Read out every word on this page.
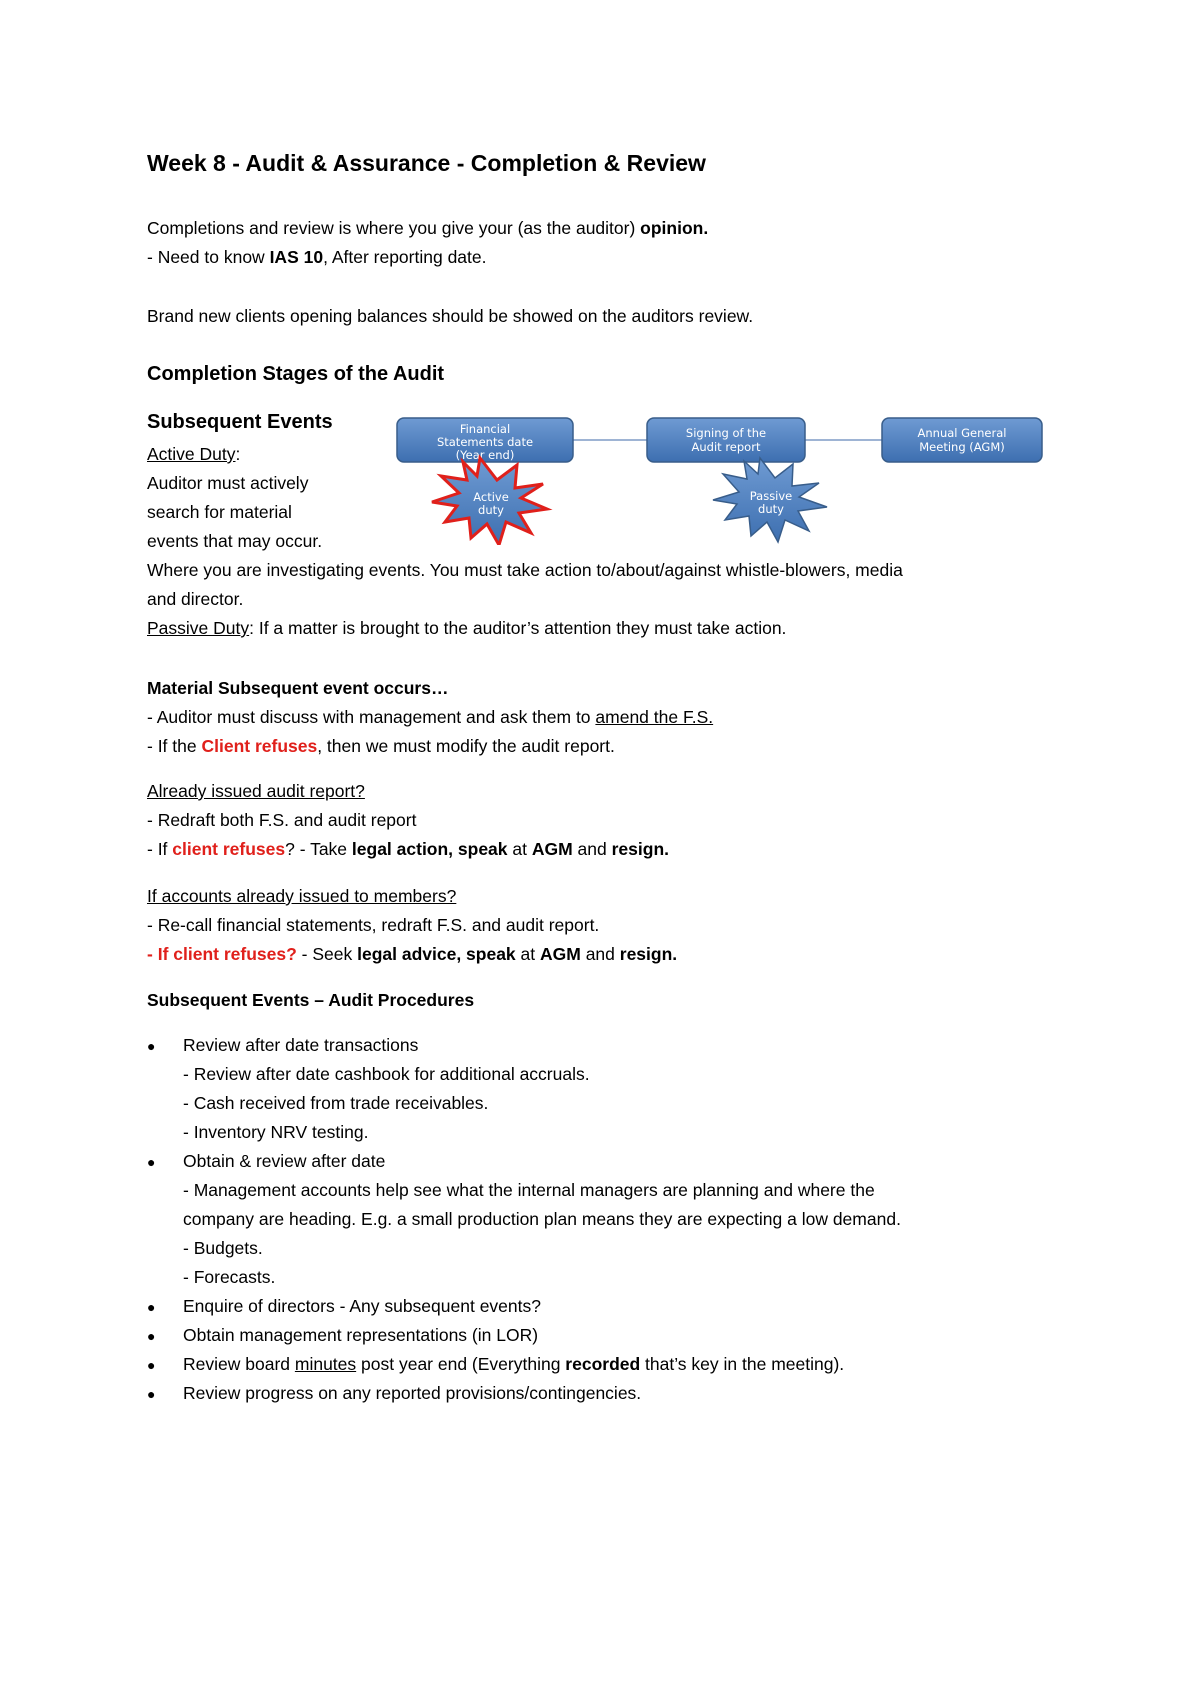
Week 8 - Audit & Assurance - Completion & Review
Completions and review is where you give your (as the auditor) opinion.
- Need to know IAS 10, After reporting date.
Brand new clients opening balances should be showed on the auditors review.
Completion Stages of the Audit
Subsequent Events
Active Duty:
Auditor must actively
search for material
events that may occur.
Where you are investigating events. You must take action to/about/against whistle-blowers, media
and director.
Passive Duty: If a matter is brought to the auditor’s attention they must take action.
Financial
Statements date
(Year end)
Signing of the
Audit report
Annual General
Meeting (AGM)
Active
duty
Passive
duty
Material Subsequent event occurs…
- Auditor must discuss with management and ask them to amend the F.S.
- If the Client refuses, then we must modify the audit report.
Already issued audit report?
- Redraft both F.S. and audit report
- If client refuses? - Take legal action, speak at AGM and resign.
If accounts already issued to members?
- Re-call financial statements, redraft F.S. and audit report.
- If client refuses? - Seek legal advice, speak at AGM and resign.
Subsequent Events – Audit Procedures
● Review after date transactions
- Review after date cashbook for additional accruals.
- Cash received from trade receivables.
- Inventory NRV testing.
● Obtain & review after date
- Management accounts help see what the internal managers are planning and where the
company are heading. E.g. a small production plan means they are expecting a low demand.
- Budgets.
- Forecasts.
● Enquire of directors - Any subsequent events?
● Obtain management representations (in LOR)
● Review board minutes post year end (Everything recorded that’s key in the meeting).
● Review progress on any reported provisions/contingencies.
